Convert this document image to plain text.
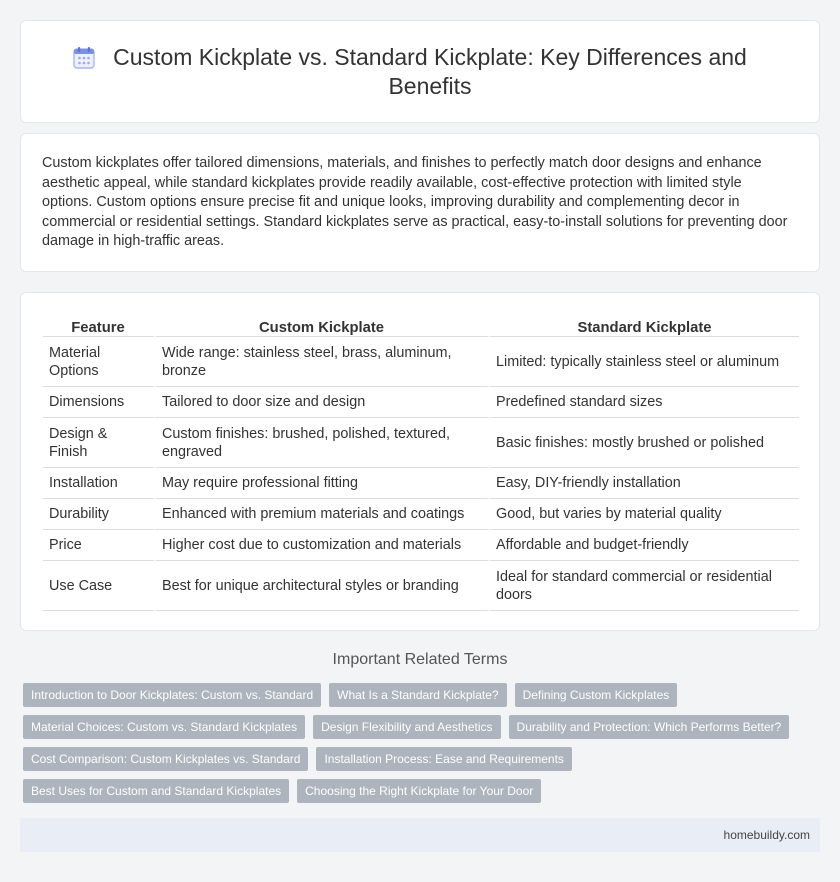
Custom Kickplate vs. Standard Kickplate: Key Differences and Benefits

Custom kickplates offer tailored dimensions, materials, and finishes to perfectly match door designs and enhance aesthetic appeal, while standard kickplates provide readily available, cost-effective protection with limited style options. Custom options ensure precise fit and unique looks, improving durability and complementing decor in commercial or residential settings. Standard kickplates serve as practical, easy-to-install solutions for preventing door damage in high-traffic areas.

Feature	Custom Kickplate	Standard Kickplate
Material Options	Wide range: stainless steel, brass, aluminum, bronze	Limited: typically stainless steel or aluminum
Dimensions	Tailored to door size and design	Predefined standard sizes
Design & Finish	Custom finishes: brushed, polished, textured, engraved	Basic finishes: mostly brushed or polished
Installation	May require professional fitting	Easy, DIY-friendly installation
Durability	Enhanced with premium materials and coatings	Good, but varies by material quality
Price	Higher cost due to customization and materials	Affordable and budget-friendly
Use Case	Best for unique architectural styles or branding	Ideal for standard commercial or residential doors
Important Related Terms
Introduction to Door Kickplates: Custom vs. Standard	What Is a Standard Kickplate?	Defining Custom Kickplates
Material Choices: Custom vs. Standard Kickplates	Design Flexibility and Aesthetics	Durability and Protection: Which Performs Better?
Cost Comparison: Custom Kickplates vs. Standard	Installation Process: Ease and Requirements
Best Uses for Custom and Standard Kickplates	Choosing the Right Kickplate for Your Door
homebuildy.com
